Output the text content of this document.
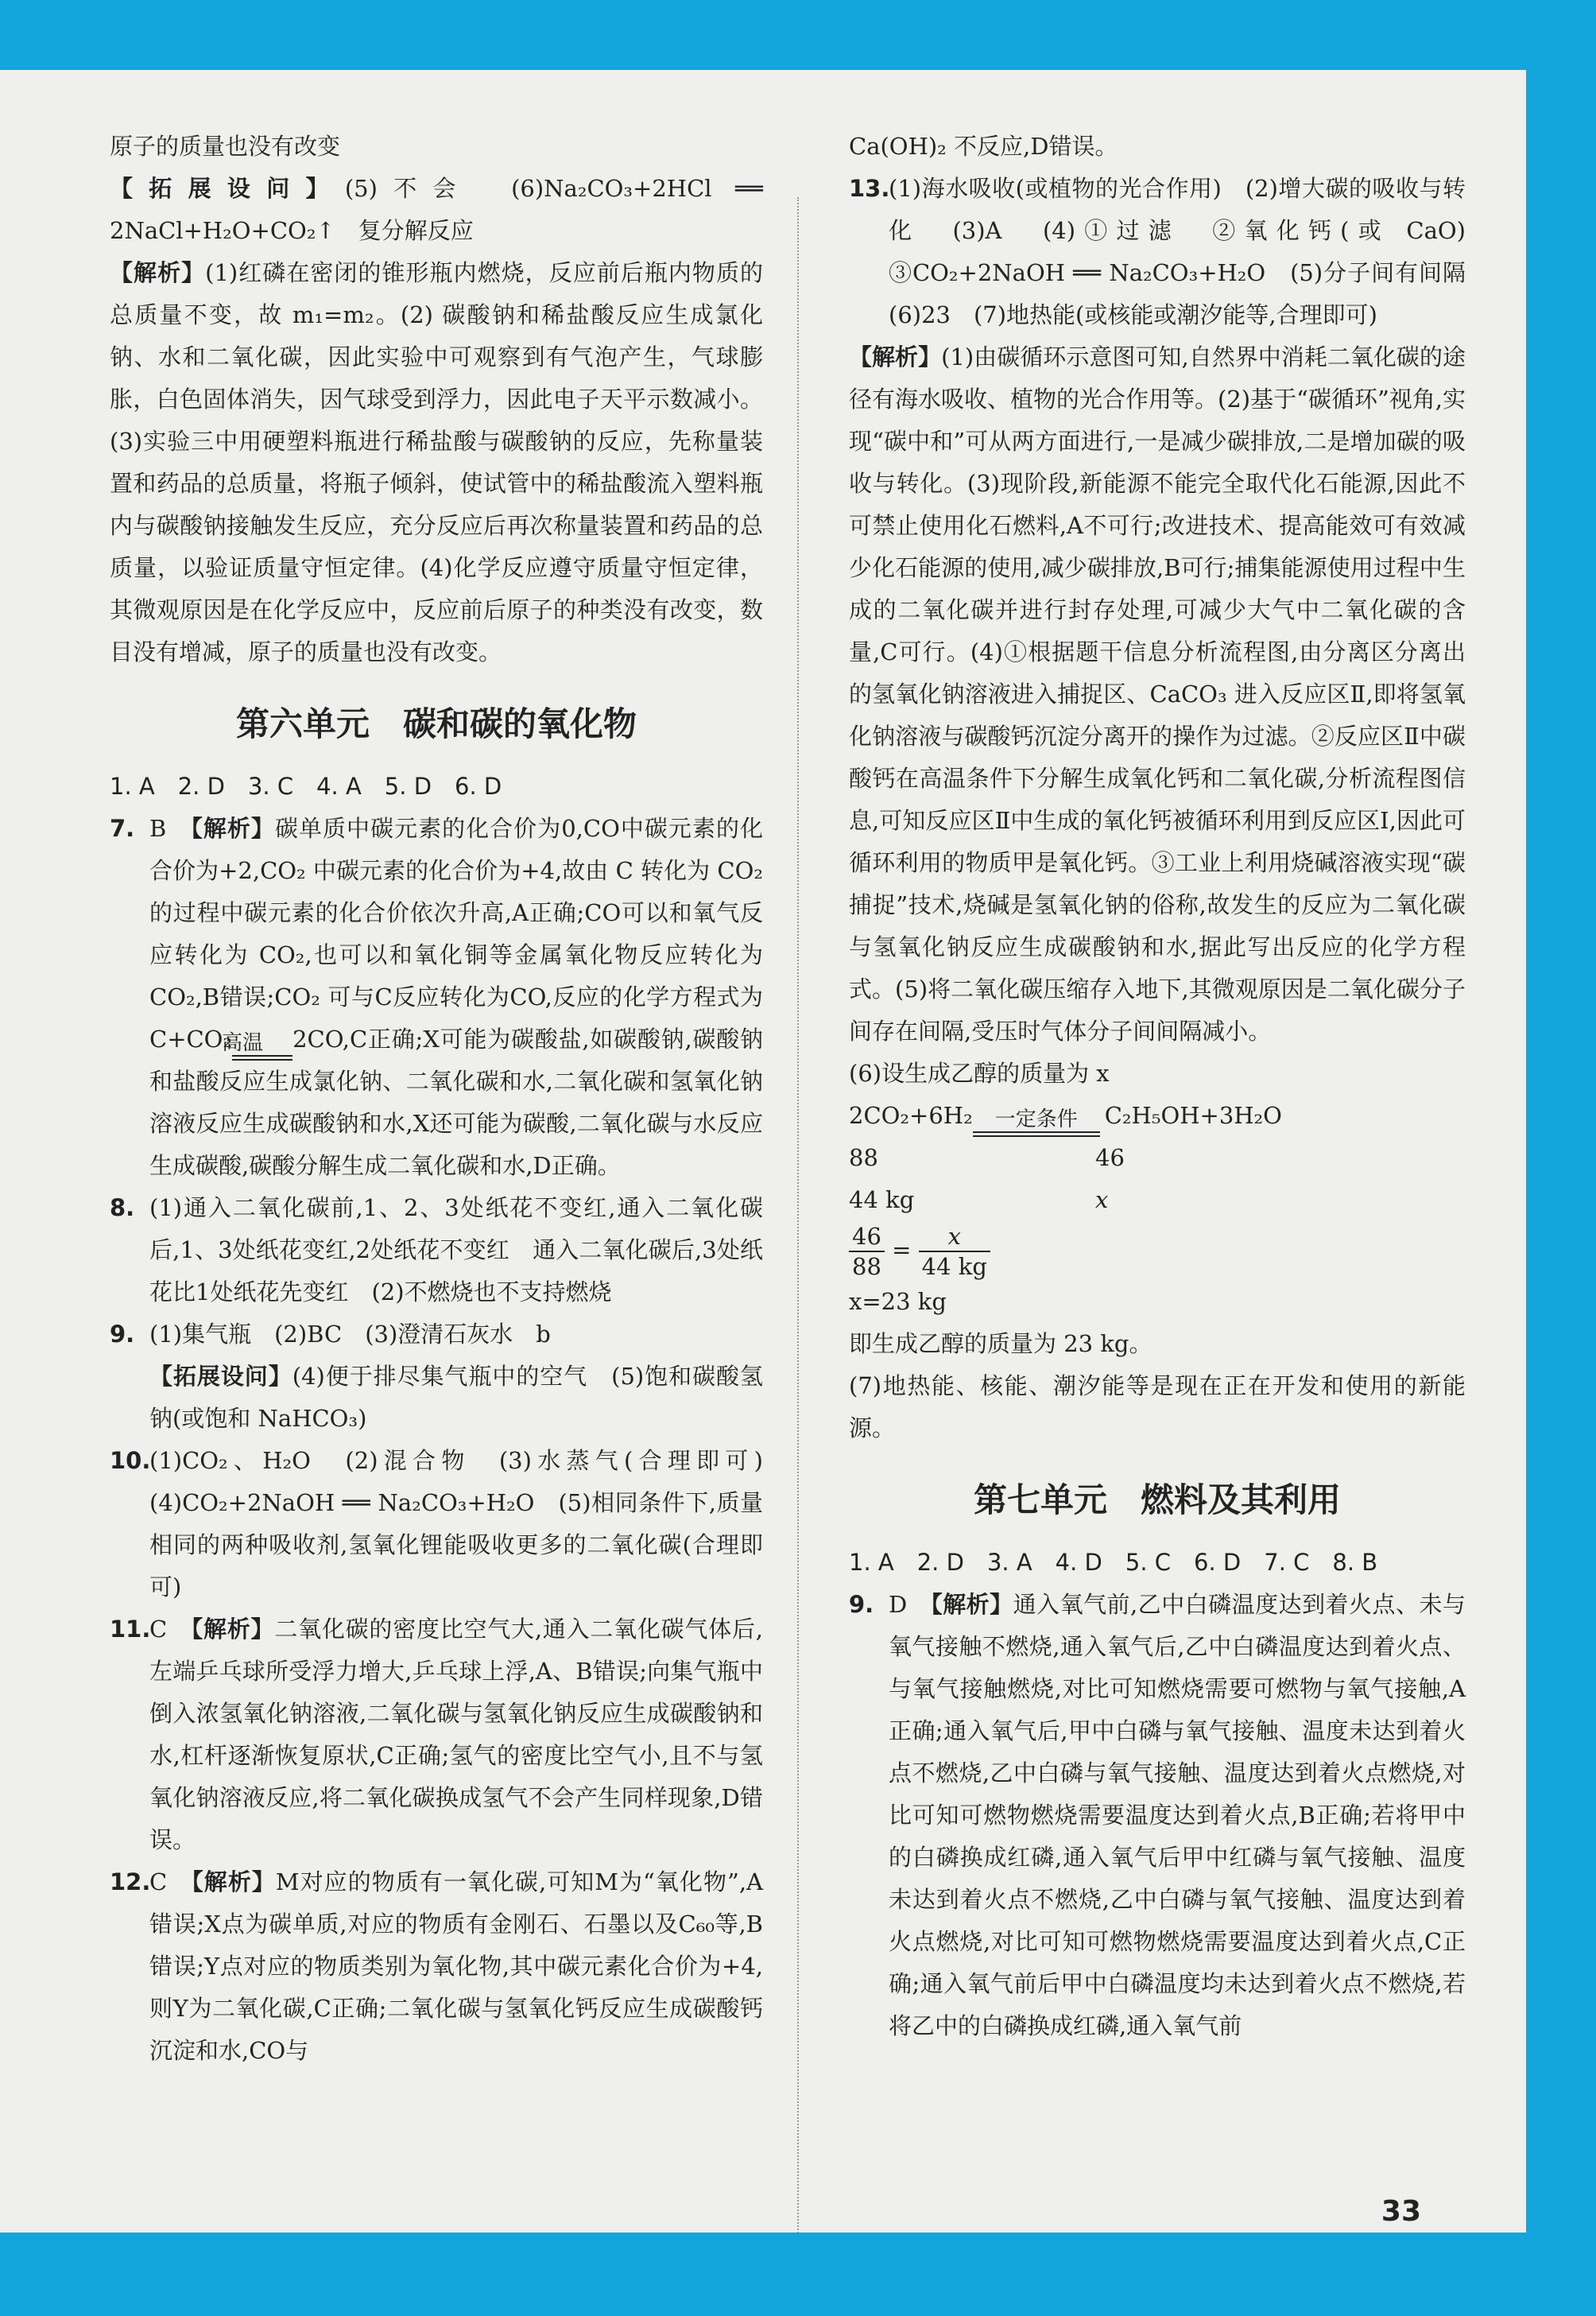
原子的质量也没有改变

【拓展设问】(5)不会　(6)Na₂CO₃+2HCl ══ 2NaCl+H₂O+CO₂↑　复分解反应

【解析】(1)红磷在密闭的锥形瓶内燃烧，反应前后瓶内物质的总质量不变，故 m₁=m₂。(2) 碳酸钠和稀盐酸反应生成氯化钠、水和二氧化碳，因此实验中可观察到有气泡产生，气球膨胀，白色固体消失，因气球受到浮力，因此电子天平示数减小。(3)实验三中用硬塑料瓶进行稀盐酸与碳酸钠的反应，先称量装置和药品的总质量，将瓶子倾斜，使试管中的稀盐酸流入塑料瓶内与碳酸钠接触发生反应，充分反应后再次称量装置和药品的总质量，以验证质量守恒定律。(4)化学反应遵守质量守恒定律，其微观原因是在化学反应中，反应前后原子的种类没有改变，数目没有增减，原子的质量也没有改变。

第六单元　碳和碳的氧化物

1. A　2. D　3. C　4. A　5. D　6. D

7. B　【解析】碳单质中碳元素的化合价为0,CO中碳元素的化合价为+2,CO₂ 中碳元素的化合价为+4,故由 C 转化为 CO₂ 的过程中碳元素的化合价依次升高,A正确;CO可以和氧气反应转化为 CO₂,也可以和氧化铜等金属氧化物反应转化为 CO₂,B错误;CO₂ 可与C反应转化为CO,反应的化学方程式为 C+CO₂
高温	2CO,C正确;X可能为碳酸盐,如碳酸钠,碳酸钠和盐酸反应生成氯化钠、二氧化碳和水,二氧化碳和氢氧化钠溶液反应生成碳酸钠和水,X还可能为碳酸,二氧化碳与水反应生成碳酸,碳酸分解生成二氧化碳和水,D正确。

8. (1)通入二氧化碳前,1、2、3处纸花不变红,通入二氧化碳后,1、3处纸花变红,2处纸花不变红　通入二氧化碳后,3处纸花比1处纸花先变红　(2)不燃烧也不支持燃烧

9. (1)集气瓶　(2)BC　(3)澄清石灰水　b

【拓展设问】(4)便于排尽集气瓶中的空气　(5)饱和碳酸氢钠(或饱和 NaHCO₃)

10.(1)CO₂、H₂O　(2)混合物　(3)水蒸气(合理即可)　(4)CO₂+2NaOH ══ Na₂CO₃+H₂O　(5)相同条件下,质量相同的两种吸收剂,氢氧化锂能吸收更多的二氧化碳(合理即可)

11.C　【解析】二氧化碳的密度比空气大,通入二氧化碳气体后,左端乒乓球所受浮力增大,乒乓球上浮,A、B错误;向集气瓶中倒入浓氢氧化钠溶液,二氧化碳与氢氧化钠反应生成碳酸钠和水,杠杆逐渐恢复原状,C正确;氢气的密度比空气小,且不与氢氧化钠溶液反应,将二氧化碳换成氢气不会产生同样现象,D错误。

12.C　【解析】M对应的物质有一氧化碳,可知M为“氧化物”,A错误;X点为碳单质,对应的物质有金刚石、石墨以及C₆₀等,B错误;Y点对应的物质类别为氧化物,其中碳元素化合价为+4,则Y为二氧化碳,C正确;二氧化碳与氢氧化钙反应生成碳酸钙沉淀和水,CO与

Ca(OH)₂ 不反应,D错误。

13.(1)海水吸收(或植物的光合作用)　(2)增大碳的吸收与转化　(3)A　(4)①过滤　②氧化钙(或 CaO)　③CO₂+2NaOH ══ Na₂CO₃+H₂O　(5)分子间有间隔　(6)23　(7)地热能(或核能或潮汐能等,合理即可)

【解析】(1)由碳循环示意图可知,自然界中消耗二氧化碳的途径有海水吸收、植物的光合作用等。(2)基于“碳循环”视角,实现“碳中和”可从两方面进行,一是减少碳排放,二是增加碳的吸收与转化。(3)现阶段,新能源不能完全取代化石能源,因此不可禁止使用化石燃料,A不可行;改进技术、提高能效可有效减少化石能源的使用,减少碳排放,B可行;捕集能源使用过程中生成的二氧化碳并进行封存处理,可减少大气中二氧化碳的含量,C可行。(4)①根据题干信息分析流程图,由分离区分离出的氢氧化钠溶液进入捕捉区、CaCO₃ 进入反应区Ⅱ,即将氢氧化钠溶液与碳酸钙沉淀分离开的操作为过滤。②反应区Ⅱ中碳酸钙在高温条件下分解生成氧化钙和二氧化碳,分析流程图信息,可知反应区Ⅱ中生成的氧化钙被循环利用到反应区Ⅰ,因此可循环利用的物质甲是氧化钙。③工业上利用烧碱溶液实现“碳捕捉”技术,烧碱是氢氧化钠的俗称,故发生的反应为二氧化碳与氢氧化钠反应生成碳酸钠和水,据此写出反应的化学方程式。(5)将二氧化碳压缩存入地下,其微观原因是二氧化碳分子间存在间隔,受压时气体分子间间隔减小。

(6)设生成乙醇的质量为 x

2CO₂+6H₂	一定条件	C₂H₅OH+3H₂O

88	46

44 kg	x

$\frac{46}{88} = \frac{x}{44 kg}$

x=23 kg

即生成乙醇的质量为 23 kg。

(7)地热能、核能、潮汐能等是现在正在开发和使用的新能源。

第七单元　燃料及其利用

1. A　2. D　3. A　4. D　5. C　6. D　7. C　8. B

9. D　【解析】通入氧气前,乙中白磷温度达到着火点、未与氧气接触不燃烧,通入氧气后,乙中白磷温度达到着火点、与氧气接触燃烧,对比可知燃烧需要可燃物与氧气接触,A正确;通入氧气后,甲中白磷与氧气接触、温度未达到着火点不燃烧,乙中白磷与氧气接触、温度达到着火点燃烧,对比可知可燃物燃烧需要温度达到着火点,B正确;若将甲中的白磷换成红磷,通入氧气后甲中红磷与氧气接触、温度未达到着火点不燃烧,乙中白磷与氧气接触、温度达到着火点燃烧,对比可知可燃物燃烧需要温度达到着火点,C正确;通入氧气前后甲中白磷温度均未达到着火点不燃烧,若将乙中的白磷换成红磷,通入氧气前

33
